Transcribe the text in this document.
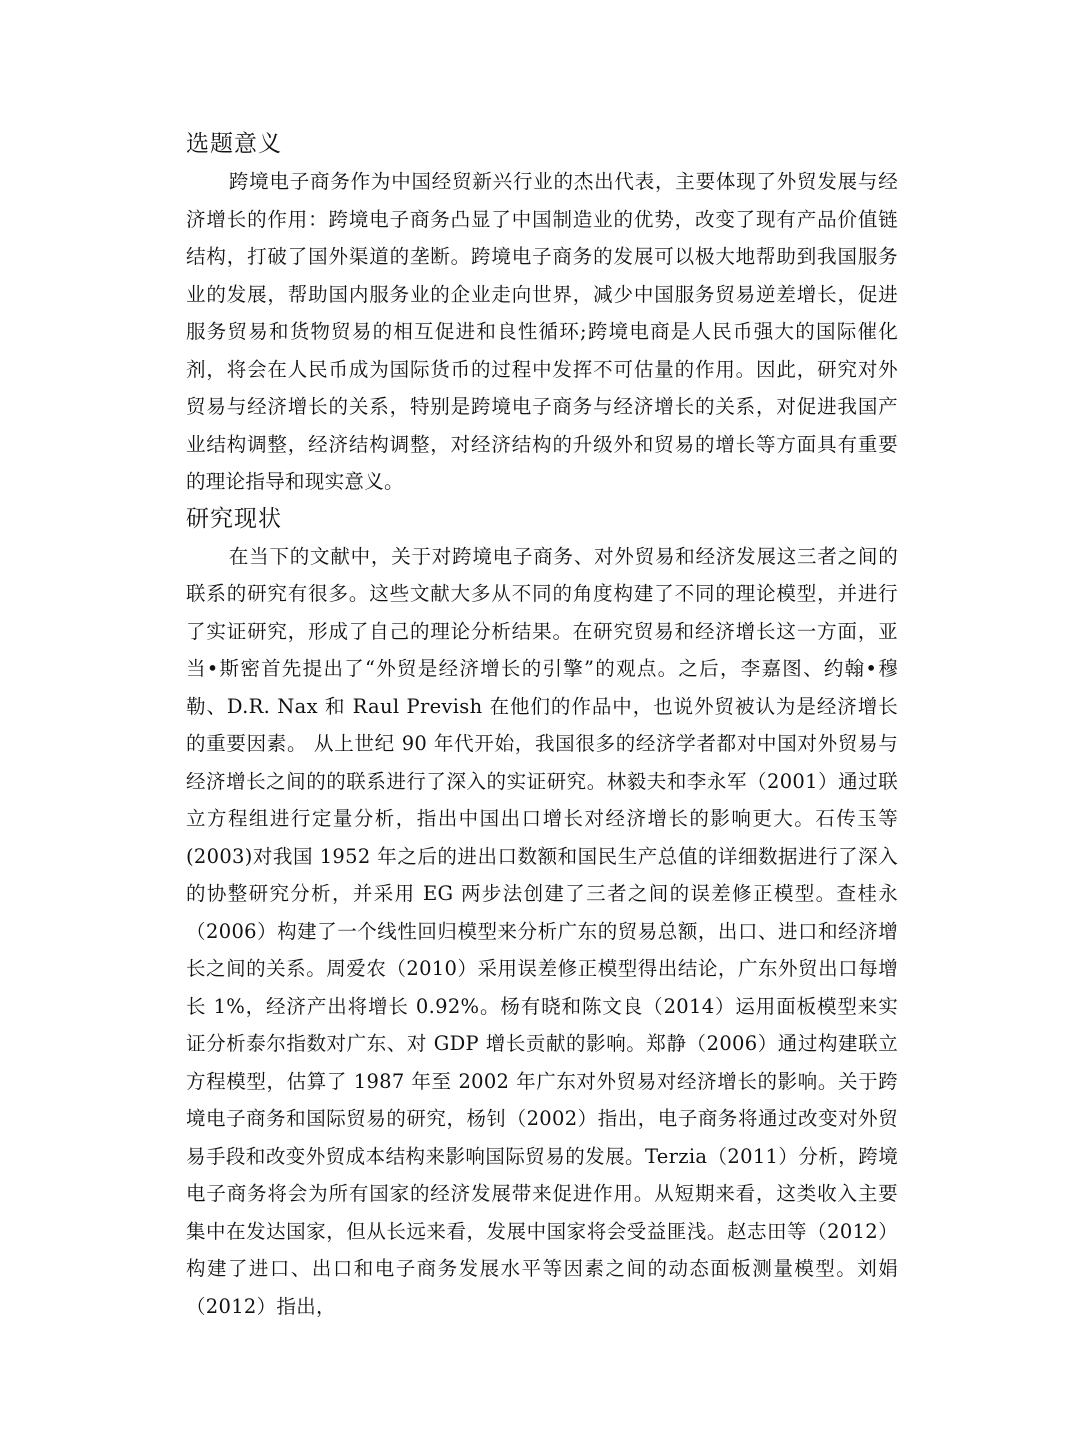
选题意义

跨境电子商务作为中国经贸新兴行业的杰出代表，主要体现了外贸发展与经济增长的作用：跨境电子商务凸显了中国制造业的优势，改变了现有产品价值链结构，打破了国外渠道的垄断。跨境电子商务的发展可以极大地帮助到我国服务业的发展，帮助国内服务业的企业走向世界，减少中国服务贸易逆差增长，促进服务贸易和货物贸易的相互促进和良性循环;跨境电商是人民币强大的国际催化剂，将会在人民币成为国际货币的过程中发挥不可估量的作用。因此，研究对外贸易与经济增长的关系，特别是跨境电子商务与经济增长的关系，对促进我国产业结构调整，经济结构调整，对经济结构的升级外和贸易的增长等方面具有重要的理论指导和现实意义。

研究现状

在当下的文献中，关于对跨境电子商务、对外贸易和经济发展这三者之间的联系的研究有很多。这些文献大多从不同的角度构建了不同的理论模型，并进行了实证研究，形成了自己的理论分析结果。在研究贸易和经济增长这一方面，亚当•斯密首先提出了“外贸是经济增长的引擎”的观点。之后，李嘉图、约翰•穆勒、D.R. Nax 和 Raul Prevish 在他们的作品中，也说外贸被认为是经济增长的重要因素。 从上世纪 90 年代开始，我国很多的经济学者都对中国对外贸易与经济增长之间的的联系进行了深入的实证研究。林毅夫和李永军（2001）通过联立方程组进行定量分析，指出中国出口增长对经济增长的影响更大。石传玉等(2003)对我国 1952 年之后的进出口数额和国民生产总值的详细数据进行了深入的协整研究分析，并采用 EG 两步法创建了三者之间的误差修正模型。查桂永（2006）构建了一个线性回归模型来分析广东的贸易总额，出口、进口和经济增长之间的关系。周爱农（2010）采用误差修正模型得出结论，广东外贸出口每增长 1%，经济产出将增长 0.92%。杨有晓和陈文良（2014）运用面板模型来实证分析泰尔指数对广东、对 GDP 增长贡献的影响。郑静（2006）通过构建联立方程模型，估算了 1987 年至 2002 年广东对外贸易对经济增长的影响。关于跨境电子商务和国际贸易的研究，杨钊（2002）指出，电子商务将通过改变对外贸易手段和改变外贸成本结构来影响国际贸易的发展。Terzia（2011）分析，跨境电子商务将会为所有国家的经济发展带来促进作用。从短期来看，这类收入主要集中在发达国家，但从长远来看，发展中国家将会受益匪浅。赵志田等（2012）构建了进口、出口和电子商务发展水平等因素之间的动态面板测量模型。刘娟（2012）指出，
